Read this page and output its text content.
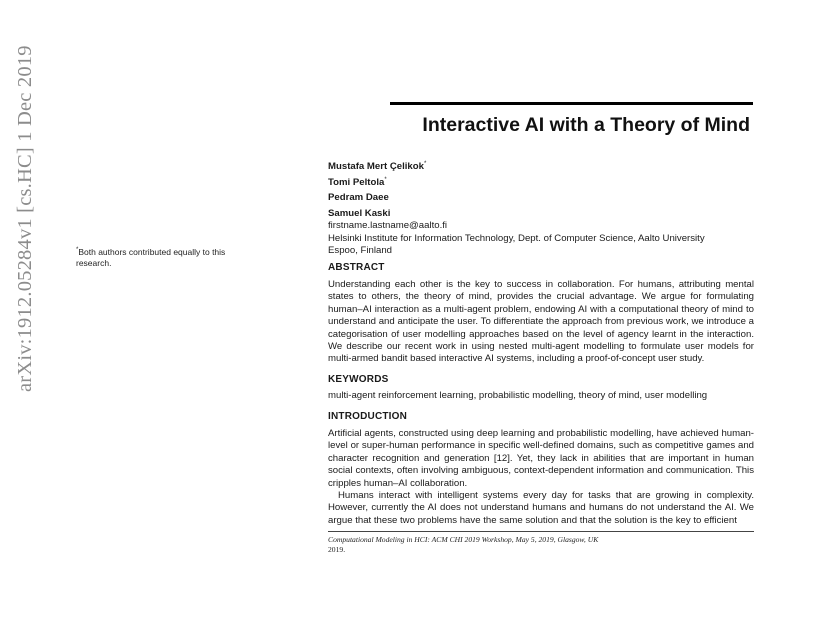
arXiv:1912.05284v1 [cs.HC] 1 Dec 2019	*Both authors contributed equally to this research.
Interactive AI with a Theory of Mind
Mustafa Mert Çelikok*
Tomi Peltola*
Pedram Daee
Samuel Kaski
firstname.lastname@aalto.fi
Helsinki Institute for Information Technology, Dept. of Computer Science, Aalto University
Espoo, Finland
ABSTRACT
Understanding each other is the key to success in collaboration. For humans, attributing mental states to others, the theory of mind, provides the crucial advantage. We argue for formulating human–AI interaction as a multi-agent problem, endowing AI with a computational theory of mind to understand and anticipate the user. To differentiate the approach from previous work, we introduce a categorisation of user modelling approaches based on the level of agency learnt in the interaction. We describe our recent work in using nested multi-agent modelling to formulate user models for multi-armed bandit based interactive AI systems, including a proof-of-concept user study.
KEYWORDS
multi-agent reinforcement learning, probabilistic modelling, theory of mind, user modelling
INTRODUCTION

Artificial agents, constructed using deep learning and probabilistic modelling, have achieved human-level or super-human performance in specific well-defined domains, such as competitive games and character recognition and generation [12]. Yet, they lack in abilities that are important in human social contexts, often involving ambiguous, context-dependent information and communication. This cripples human–AI collaboration.

Humans interact with intelligent systems every day for tasks that are growing in complexity. However, currently the AI does not understand humans and humans do not understand the AI. We argue that these two problems have the same solution and that the solution is the key to efficient

Computational Modeling in HCI: ACM CHI 2019 Workshop, May 5, 2019, Glasgow, UK
2019.
